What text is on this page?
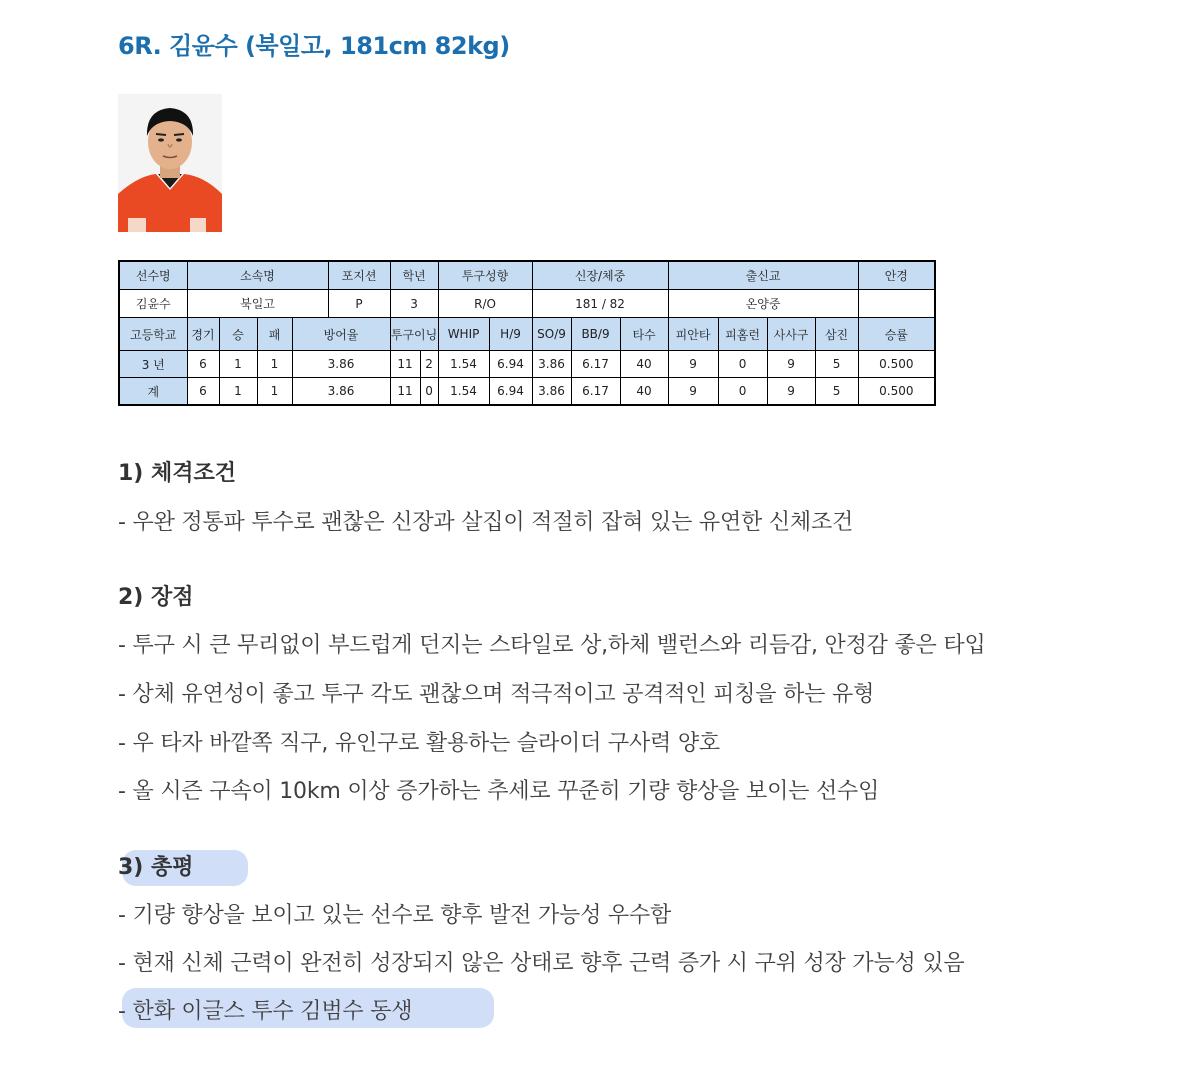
6R. 김윤수 (북일고, 181cm 82kg)
선수명	소속명				포지션	학년		투구성향		신장/체중			출신교				안경
김윤수	북일고				P	3		R/O		181 / 82			온양중				
고등학교	경기	승	패	방어율		투구이닝		WHIP	H/9	SO/9	BB/9	타수	피안타	피홈런	사사구	삼진	승률
3 년	6	1	1	3.86		11	2	1.54	6.94	3.86	6.17	40	9	0	9	5	0.500
계	6	1	1	3.86		11	0	1.54	6.94	3.86	6.17	40	9	0	9	5	0.500
1) 체격조건

- 우완 정통파 투수로 괜찮은 신장과 살집이 적절히 잡혀 있는 유연한 신체조건

2) 장점

- 투구 시 큰 무리없이 부드럽게 던지는 스타일로 상,하체 밸런스와 리듬감, 안정감 좋은 타입

- 상체 유연성이 좋고 투구 각도 괜찮으며 적극적이고 공격적인 피칭을 하는 유형

- 우 타자 바깥쪽 직구, 유인구로 활용하는 슬라이더 구사력 양호

- 올 시즌 구속이 10km 이상 증가하는 추세로 꾸준히 기량 향상을 보이는 선수임

3) 총평

- 기량 향상을 보이고 있는 선수로 향후 발전 가능성 우수함

- 현재 신체 근력이 완전히 성장되지 않은 상태로 향후 근력 증가 시 구위 성장 가능성 있음

- 한화 이글스 투수 김범수 동생
